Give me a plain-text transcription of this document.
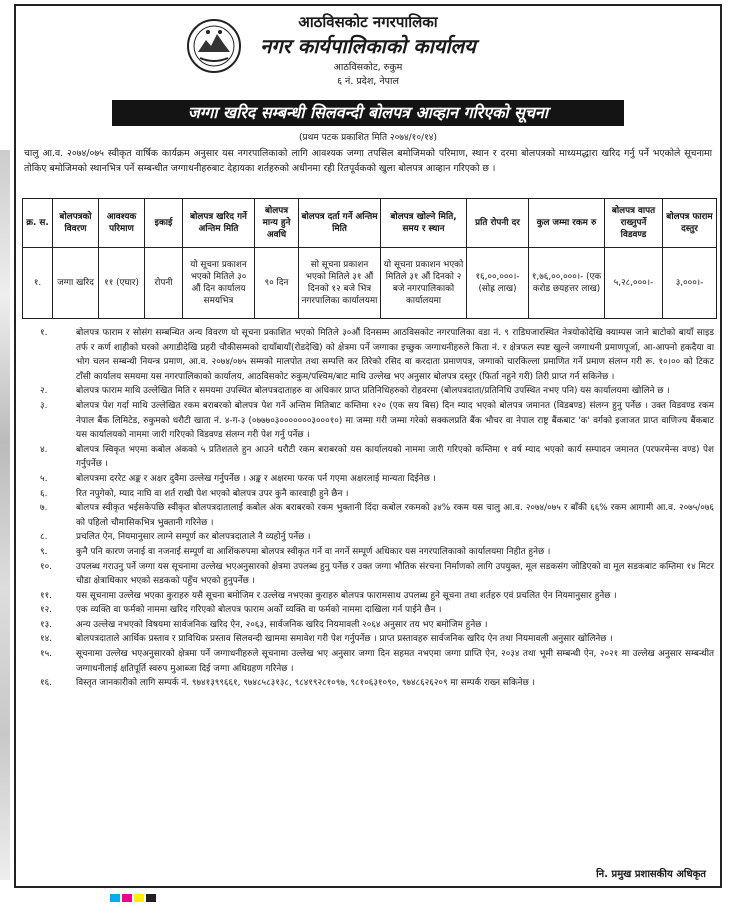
आठविसकोट नगरपालिका
नगर कार्यपालिकाको कार्यालय
आठविसकोट, रुकुम
६ नं. प्रदेश, नेपाल
जग्गा खरिद सम्बन्धी सिलवन्दी बोलपत्र आव्हान गरिएको सूचना
(प्रथम पटक प्रकाशित मिति २०७४/१०/१४)
चालु आ.व. २०७४/०७५ स्वीकृत वार्षिक कार्यक्रम अनुसार यस नगरपालिकाको लागि आवश्यक जग्गा तपसिल बमोजिमको परिमाण, स्थान र दरमा बोलपत्रको माध्यमद्धारा खरिद गर्नु पर्ने भएकोले सूचनामा तोकिए बमोजिमको स्थानभित्र पर्ने सम्बन्धीत जग्गाधनीहरुबाट देहायका शर्तहरुको अधीनमा रही रितपूर्वकको खुला बोलपत्र आव्हान गरिएको छ ।
क्र. स.	बोलपत्रको विवरण	आवश्यक परिमाण	इकाई	बोलपत्र खरिद गर्ने अन्तिम मिति	बोलपत्र मान्य हुने अवधि	बोलपत्र दर्ता गर्ने अन्तिम मिति	बोलपत्र खोल्ने मिति, समय र स्थान	प्रति रोपनी दर	कुल जम्मा रकम रु	बोलपत्र वापत राख्नुपर्ने विडवण्ड	बोलपत्र फाराम दस्तुर
१.	जग्गा खरिद	११ (एघार)	रोपनी	यो सूचना प्रकाशन भएको मितिले ३० औं दिन कार्यालय समयभित्र	९० दिन	सो सूचना प्रकाशन भएको मितिले ३१ औं दिनको १२ बजे भित्र नगरपालिका कार्यालयमा	यो सूचना प्रकाशन भएको मितिले ३१ औं दिनको २ बजे नगरपालिकाको कार्यालयमा	१६,००,०००।- (सोह्र लाख)	१,७६,००,०००।- (एक करोड छयहत्तर लाख)	५,२८,०००।-	३,०००।-
१.	बोलपत्र फाराम र सोसंग सम्बन्धित अन्य विवरण यो सूचना प्रकाशित भएको मितिले ३०औं दिनसम्म आठविसकोट नगरपालिका वडा नं. ९ राडिघजारस्थित नेत्रयोकोदेखि क्याम्पस जाने बाटोको बायाँ साइड तर्फ र कर्ण शाहीको घरको अगाडीदेखि प्रहरी चौकीसम्मको दायाँबायाँ(रोडदेखि) को क्षेत्रमा पर्ने जग्गाका इच्छुक जग्गाधनीहरुले किता नं. र क्षेत्रफल स्पष्ट खुल्ने जग्गाधनी प्रमाणपूर्जा, आ-आफ्नो हकदैया वा भोग चलन सम्बन्धी नियन्त्र प्रमाण, आ.व. २०७४/०७५ सम्मको मालपोत तथा सम्पत्ति कर तिरेको रसिद वा करदाता प्रमाणपत्र, जग्गाको चारकिल्ला प्रमाणित गर्ने प्रमाण संलग्न गरी रू. १०।०० को टिकट टाँसी कार्यालय समयमा यस नगरपालिकाको कार्यालय, आठविसकोट रुकुम/पश्चिम/बाट माथि उल्लेख भए अनुसार बोलपत्र दस्तुर (फिर्ता नहुने गरी) तिरी प्राप्त गर्न सकिनेछ ।
२.	बोलपत्र फाराम माथि उल्लेखित मिति र समयमा उपस्थित बोलपत्रदाताहरु वा अधिकार प्राप्त प्रतिनिधिहरुको रोहवरमा (बोलपत्रदाता/प्रतिनिधि उपस्थित नभए पनि) यस कार्यालयमा खोलिने छ ।
३.	बोलपत्र पेश गर्दा माथि उल्लेखित रकम बराबरको बोलपत्र पेश गर्ने अन्तिम मितिबाट कम्तिमा १२० (एक सय बिस) दिन म्याद भएको बोलपत्र जमानत (विडबण्ड) संलग्न हुनु पर्नेछ । उक्त विडवण्ड रकम नेपाल बैंक लिमिटेड, रुकुमको धरौटी खाता नं. ४-ग-३ (०७७७०३०००००००३०००१०) मा जम्मा गरी जम्मा गरेको सक्कलप्रति बैंक भौचर वा नेपाल राष्ट्र बैंकबाट 'क' वर्गको इजाजत प्राप्त वाणिज्य बैंकबाट यस कार्यालयको नाममा जारी गरिएको विडवण्ड संलग्न गरी पेश गर्नु पर्नेछ ।
४.	बोलपत्र स्विकृत भएमा कबोल अंकको ५ प्रतिशतले हुन आउने धरौटी रकम बराबरको यस कार्यालयको नाममा जारी गरिएको कम्तिमा १ वर्ष म्याद भएको कार्य सम्पादन जमानत (परफरमेन्स वण्ड) पेश गर्नुपर्नेछ ।
५.	बोलपत्रमा दररेट अङ्क र अक्षर दुवैमा उल्लेख गर्नुपर्नेछ । अङ्क र अक्षरमा फरक पर्न गएमा अक्षरलाई मान्यता दिईनेछ ।
६.	रित नपुगेको, म्याद नाघि वा शर्त राखी पेश भएको बोलपत्र उपर कुनै कारवाही हुने छैन ।
७.	बोलपत्र स्वीकृत भईसकेपछि स्वीकृत बोलपत्रदातालाई कबोल अंक बराबरको रकम भुक्तानी दिंदा कबोल रकमको ३४% रकम यस चालु आ.व. २०७४/०७५ र बाँकी ६६% रकम आगामी आ.व. २०७५/०७६ को पहिलो चौमासिकभित्र भुक्तानी गरिनेछ ।
८.	प्रचलित ऐन, नियमानुसार लाग्ने सम्पूर्ण कर बोलपत्रदाताले नै व्यहोर्नु पर्नेछ ।
९.	कुनै पनि कारण जनाई वा नजनाई सम्पूर्ण वा आशिंकरुपमा बोलपत्र स्वीकृत गर्ने वा नगर्ने सम्पूर्ण अधिकार यस नगरपालिकाको कार्यालयमा निहीत हुनेछ ।
१०.	उपलब्ध गराउनु पर्ने जग्गा यस सूचनामा उल्लेख भएअनुसारको क्षेत्रमा उपलब्ध हुनु पर्नेछ र उक्त जग्गा भौतिक संरचना निर्माणको लागि उपयुक्त, मूल सडकसंग जोडिएको वा मूल सडकबाट कम्तिमा १४ मिटर चौडा क्षेत्राधिकार भएको सडकको पहुँच भएको हुनुपर्नेछ ।
११.	यस सूचनामा उल्लेख भएका कुराहरु यसै सूचना बमोजिम र उल्लेख नभएका कुराहरु बोलपत्र फारामसाथ उपलब्ध हुने सूचना तथा शर्तहरु एवं प्रचलित ऐन नियमानुसार हुनेछ ।
१२.	एक व्यक्ति वा फर्मको नाममा खरिद गरिएको बोलपत्र फाराम अर्को व्यक्ति वा फर्मको नाममा दाखिला गर्न पाईने छैन ।
१३.	अन्य उल्लेख नभएको विषयमा सार्वजनिक खरिद ऐन, २०६३, सार्वजनिक खरिद नियमावली २०६४ अनुसार तय भए बमोजिम हुनेछ ।
१४.	बोलपत्रदाताले आर्थिक प्रस्ताव र प्राविधिक प्रस्ताव सिलवन्दी खाममा समावेश गरी पेश गर्नुपर्नेछ । प्राप्त प्रस्तावहरु सार्वजनिक खरिद ऐन तथा नियमावली अनुसार खोलिनेछ ।
१५.	सूचनामा उल्लेख भएअनुसारको क्षेत्रमा पर्ने जग्गाधनीहरुले सूचनामा उल्लेख भए अनुसार जग्गा दिन सहमत नभएमा जग्गा प्राप्ति ऐन, २०३४ तथा भूमी सम्बन्धी ऐन, २०२१ मा उल्लेख अनुसार सम्बन्धीत जग्गाधनीलाई क्षतिपूर्ति स्वरुप मुआब्जा दिई जग्गा अधिग्रहण गरिनेछ ।
१६.	विस्तृत जानकारीको लागि सम्पर्क नं. ९७४१३९९६६१, ९७४८५८३१३८, ९८४१९२८१०९७, ९८१०६३१०९०, ९७४८६२६२०९ मा सम्पर्क राख्न सकिनेछ ।
नि. प्रमुख प्रशासकीय अधिकृत
